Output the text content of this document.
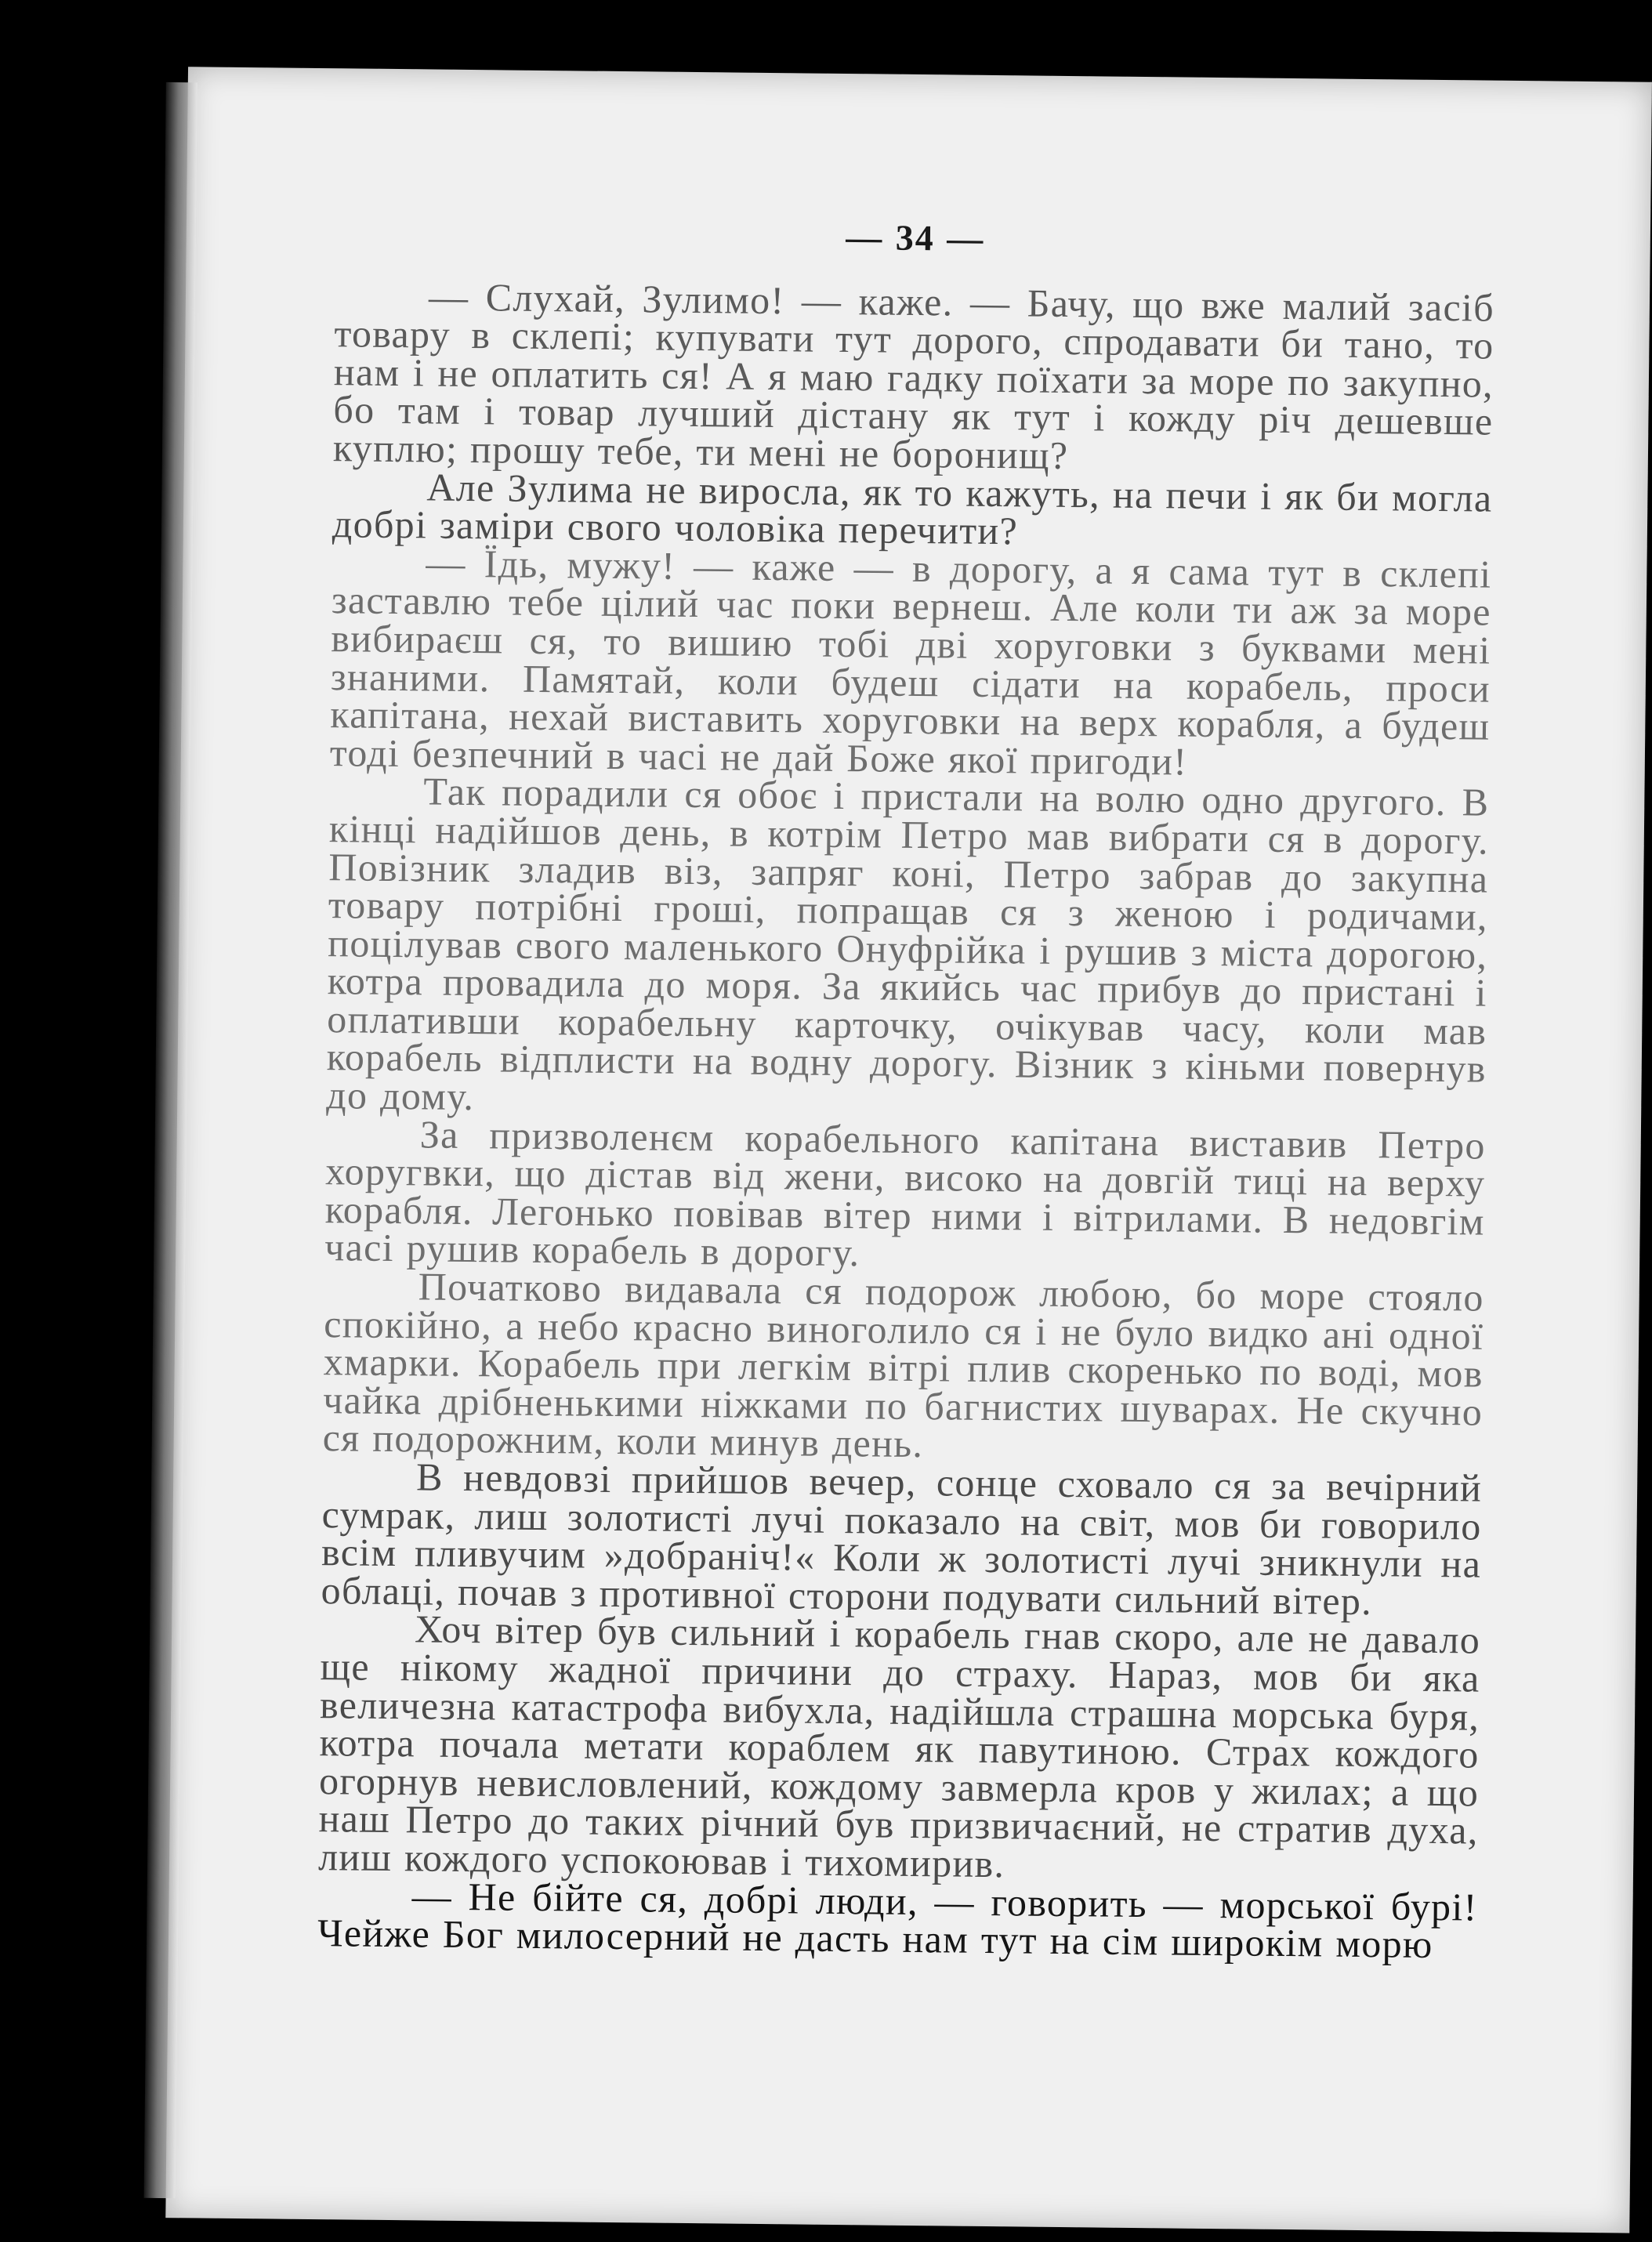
— 34 —

— Слухай, Зулимо! — каже. — Бачу, що вже малий засіб товару в склепі; купувати тут дорого, спродавати би тано, то нам і не оплатить ся! А я маю гадку поїхати за море по закупно, бо там і товар лучший дістану як тут і кожду річ дешевше куплю; прошу тебе, ти мені не боронищ?

Але Зулима не виросла, як то кажуть, на печи і як би могла добрі заміри свого чоловіка перечити?

— Їдь, мужу! — каже — в дорогу, а я сама тут в склепі заставлю тебе цілий час поки вернеш. Але коли ти аж за море вибираєш ся, то вишию тобі дві хоруговки з буквами мені знаними. Памятай, коли будеш сідати на корабель, проси капітана, нехай виставить хоруговки на верх корабля, а будеш тоді безпечний в часі не дай Боже якої пригоди!

Так порадили ся обоє і пристали на волю одно другого. В кінці надійшов день, в котрім Петро мав вибрати ся в дорогу. Повізник зладив віз, запряг коні, Петро забрав до закупна товару потрібні гроші, попращав ся з женою і родичами, поцілував свого маленького Онуфрійка і рушив з міста дорогою, котра провадила до моря. За якийсь час прибув до пристані і оплативши корабельну карточку, очікував часу, коли мав корабель відплисти на водну дорогу. Візник з кіньми повернув до дому.

За призволенєм корабельного капітана виставив Петро хоругвки, що дістав від жени, високо на довгій тиці на верху корабля. Легонько повівав вітер ними і вітрилами. В недовгім часі рушив корабель в дорогу.

Початково видавала ся подорож любою, бо море стояло спокійно, а небо красно виноголило ся і не було видко ані одної хмарки. Корабель при легкім вітрі плив скоренько по воді, мов чайка дрібненькими ніжками по багнистих шуварах. Не скучно ся подорожним, коли минув день.

В невдовзі прийшов вечер, сонце сховало ся за вечірний сумрак, лиш золотисті лучі показало на світ, мов би говорило всім пливучим »добраніч!« Коли ж золотисті лучі зникнули на облаці, почав з противної сторони подувати сильний вітер.

Хоч вітер був сильний і корабель гнав скоро, але не давало ще нікому жадної причини до страху. Нараз, мов би яка величезна катастрофа вибухла, надійшла страшна морська буря, котра почала метати кораблем як павутиною. Страх кождого огорнув невисловлений, кождому завмерла кров у жилах; а що наш Петро до таких річний був призвичаєний, не стратив духа, лиш кождого успокоював і тихомирив.

— Не бійте ся, добрі люди, — говорить — морської бурі! Чейже Бог милосерний не дасть нам тут на сім широкім морю
